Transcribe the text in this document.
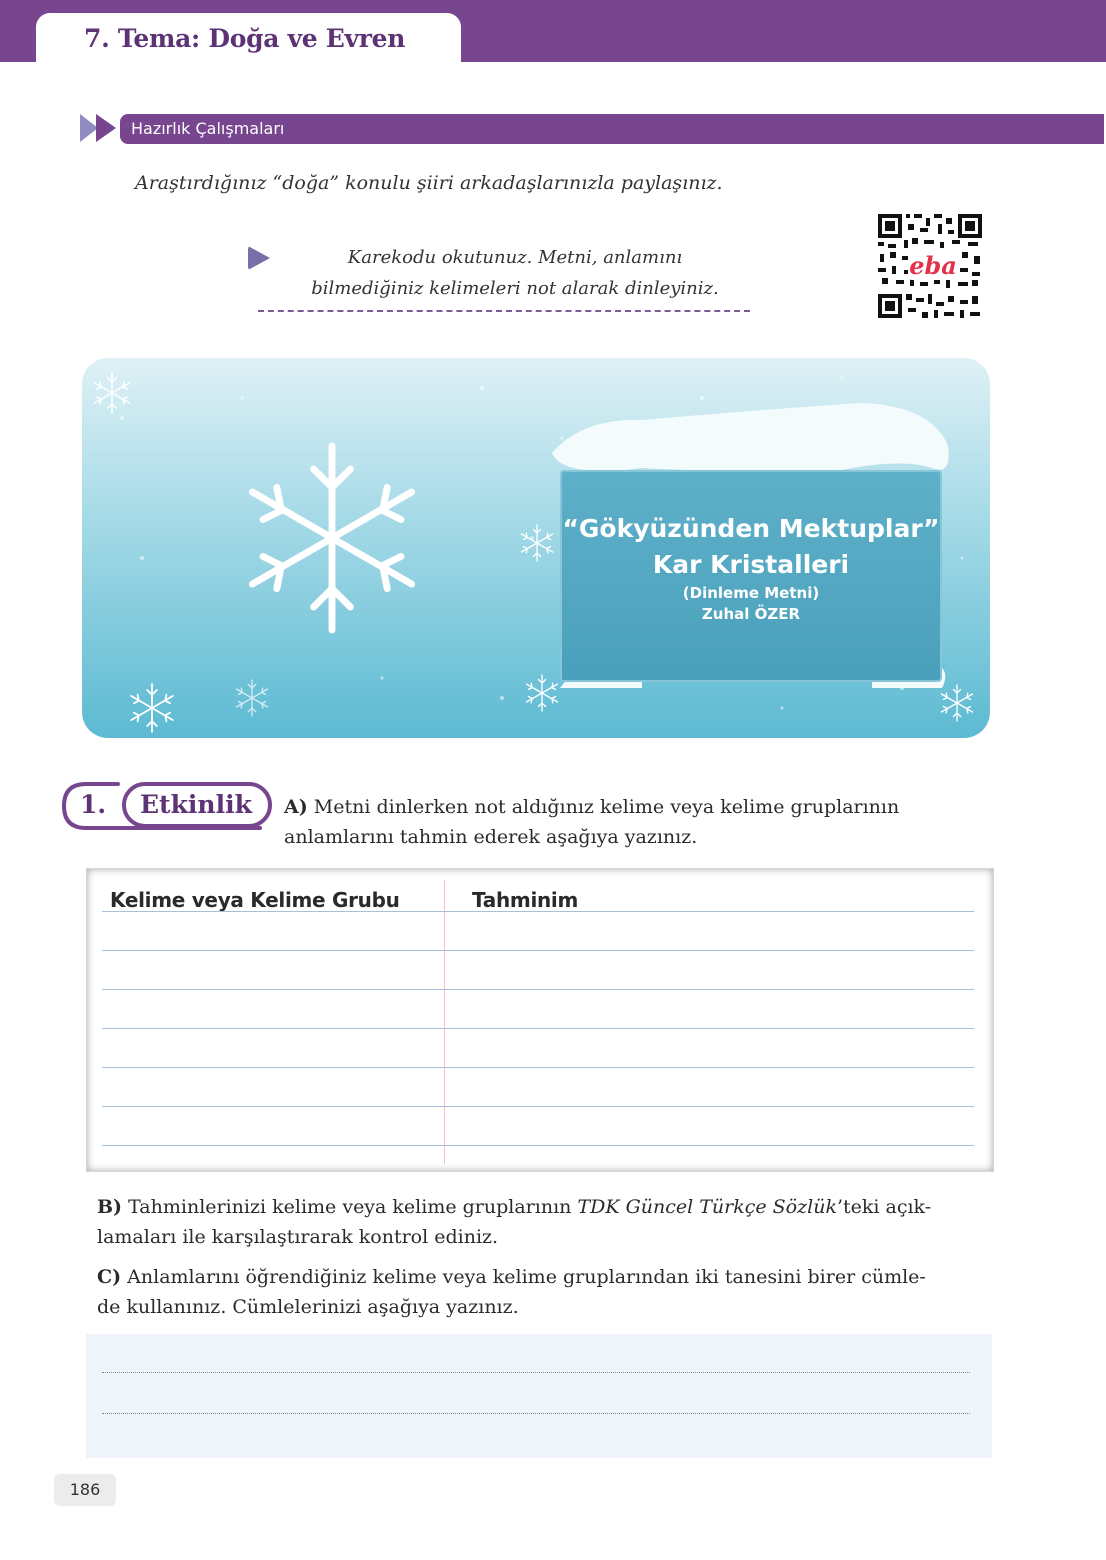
7. Tema: Doğa ve Evren
Hazırlık Çalışmaları
Araştırdığınız “doğa” konulu şiiri arkadaşlarınızla paylaşınız.
Karekodu okutunuz. Metni, anlamını
bilmediğiniz kelimeleri not alarak dinleyiniz.
eba
“Gökyüzünden Mektuplar”
Kar Kristalleri
(Dinleme Metni)
Zuhal ÖZER
1. Etkinlik A) Metni dinlerken not aldığınız kelime veya kelime gruplarının
anlamlarını tahmin ederek aşağıya yazınız.
Kelime veya Kelime Grubu	Tahminim
B) Tahminlerinizi kelime veya kelime gruplarının TDK Güncel Türkçe Sözlük’teki açık-
lamaları ile karşılaştırarak kontrol ediniz.
C) Anlamlarını öğrendiğiniz kelime veya kelime gruplarından iki tanesini birer cümle-
de kullanınız. Cümlelerinizi aşağıya yazınız.
186
